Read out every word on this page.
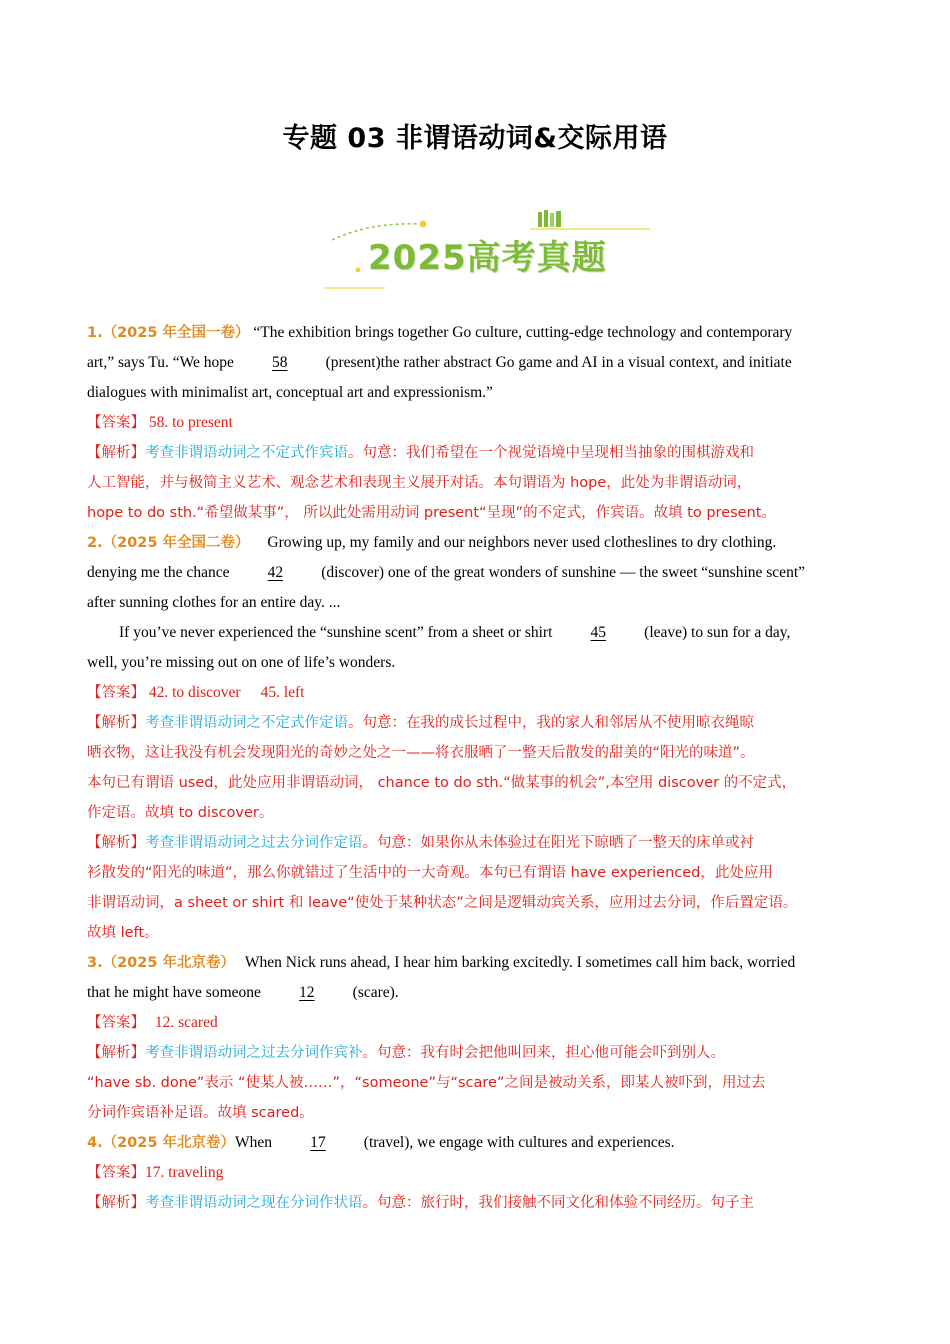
专题 03 非谓语动词&交际用语
2025高考真题
1.（2025 年全国一卷） “The exhibition brings together Go culture, cutting-edge technology and contemporary
art,” says Tu. “We hope 58 (present)the rather abstract Go game and AI in a visual context, and initiate
dialogues with minimalist art, conceptual art and expressionism.”
【答案】 58. to present
【解析】考查非谓语动词之不定式作宾语。句意：我们希望在一个视觉语境中呈现相当抽象的围棋游戏和
人工智能，并与极简主义艺术、观念艺术和表现主义展开对话。本句谓语为 hope，此处为非谓语动词，
hope to do sth.“希望做某事”， 所以此处需用动词 present“呈现”的不定式，作宾语。故填 to present。
2.（2025 年全国二卷） Growing up, my family and our neighbors never used clotheslines to dry clothing.
denying me the chance 42 (discover) one of the great wonders of sunshine — the sweet “sunshine scent”
after sunning clothes for an entire day. ...
If you’ve never experienced the “sunshine scent” from a sheet or shirt 45 (leave) to sun for a day,
well, you’re missing out on one of life’s wonders.
【答案】 42. to discover 45. left
【解析】考查非谓语动词之不定式作定语。句意：在我的成长过程中，我的家人和邻居从不使用晾衣绳晾
晒衣物，这让我没有机会发现阳光的奇妙之处之一——将衣服晒了一整天后散发的甜美的“阳光的味道”。
本句已有谓语 used，此处应用非谓语动词， chance to do sth.“做某事的机会”,本空用 discover 的不定式，
作定语。故填 to discover。
【解析】考查非谓语动词之过去分词作定语。句意：如果你从未体验过在阳光下晾晒了一整天的床单或衬
衫散发的“阳光的味道”，那么你就错过了生活中的一大奇观。本句已有谓语 have experienced，此处应用
非谓语动词，a sheet or shirt 和 leave“使处于某种状态”之间是逻辑动宾关系，应用过去分词，作后置定语。
故填 left。
3.（2025 年北京卷） When Nick runs ahead, I hear him barking excitedly. I sometimes call him back, worried
that he might have someone 12 (scare).
【答案】 12. scared
【解析】考查非谓语动词之过去分词作宾补。句意：我有时会把他叫回来，担心他可能会吓到别人。
“have sb. done”表示 “使某人被……”，“someone”与“scare”之间是被动关系，即某人被吓到，用过去
分词作宾语补足语。故填 scared。
4.（2025 年北京卷）When 17 (travel), we engage with cultures and experiences.
【答案】17. traveling
【解析】考查非谓语动词之现在分词作状语。句意：旅行时，我们接触不同文化和体验不同经历。句子主
